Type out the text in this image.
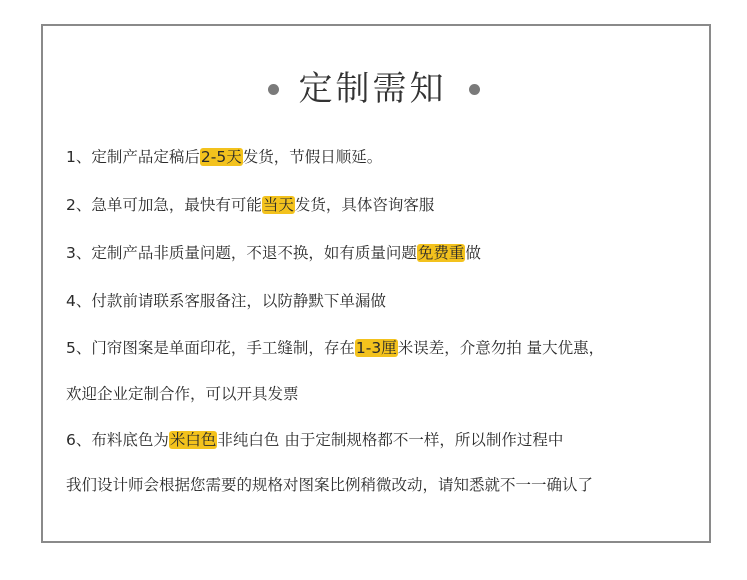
定制需知
1、定制产品定稿后2-5天发货，节假日顺延。
2、急单可加急，最快有可能当天发货，具体咨询客服
3、定制产品非质量问题，不退不换，如有质量问题免费重做
4、付款前请联系客服备注，以防静默下单漏做
5、门帘图案是单面印花，手工缝制，存在1-3厘米误差，介意勿拍 量大优惠，
欢迎企业定制合作，可以开具发票
6、布料底色为米白色非纯白色 由于定制规格都不一样，所以制作过程中
我们设计师会根据您需要的规格对图案比例稍微改动，请知悉就不一一确认了
